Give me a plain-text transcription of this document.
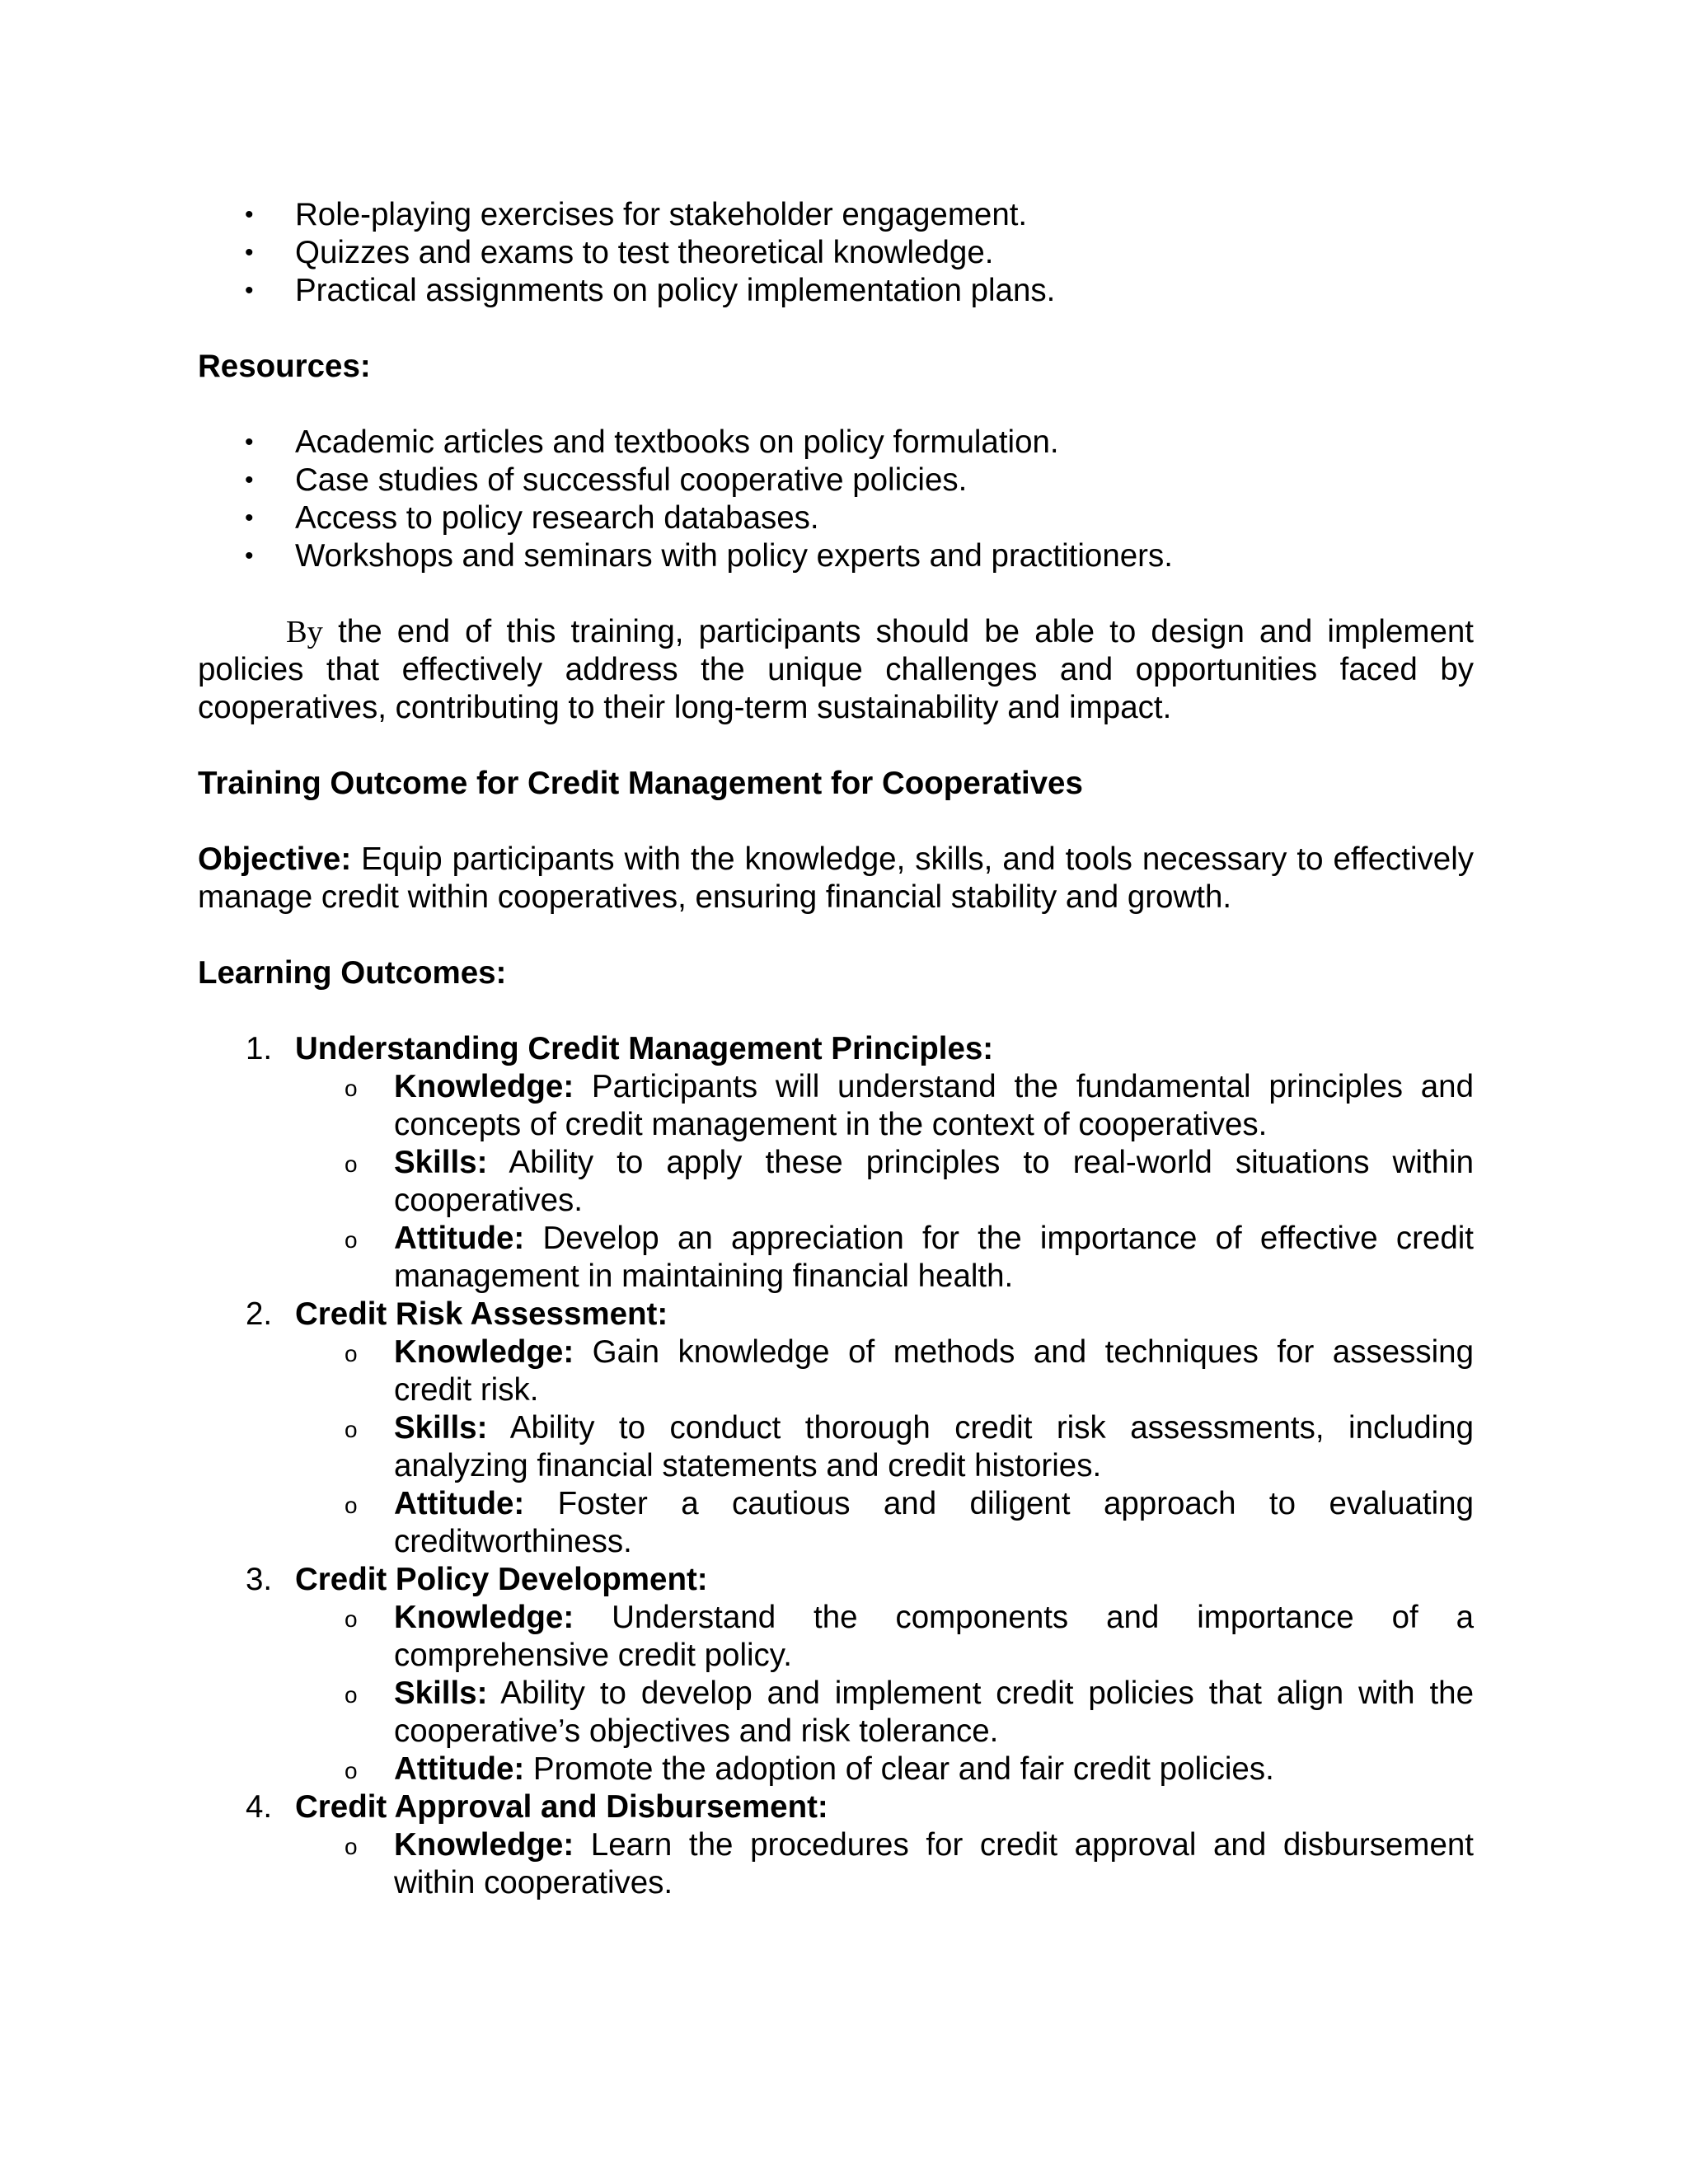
• Role-playing exercises for stakeholder engagement.
• Quizzes and exams to test theoretical knowledge.
• Practical assignments on policy implementation plans.

Resources:

• Academic articles and textbooks on policy formulation.
• Case studies of successful cooperative policies.
• Access to policy research databases.
• Workshops and seminars with policy experts and practitioners.

By the end of this training, participants should be able to design and implement policies that effectively address the unique challenges and opportunities faced by cooperatives, contributing to their long-term sustainability and impact.

Training Outcome for Credit Management for Cooperatives

Objective: Equip participants with the knowledge, skills, and tools necessary to effectively manage credit within cooperatives, ensuring financial stability and growth.

Learning Outcomes:

1. Understanding Credit Management Principles:
o Knowledge: Participants will understand the fundamental principles and concepts of credit management in the context of cooperatives.
o Skills: Ability to apply these principles to real-world situations within cooperatives.
o Attitude: Develop an appreciation for the importance of effective credit management in maintaining financial health.
2. Credit Risk Assessment:
o Knowledge: Gain knowledge of methods and techniques for assessing credit risk.
o Skills: Ability to conduct thorough credit risk assessments, including analyzing financial statements and credit histories.
o Attitude: Foster a cautious and diligent approach to evaluating creditworthiness.
3. Credit Policy Development:
o Knowledge: Understand the components and importance of a comprehensive credit policy.
o Skills: Ability to develop and implement credit policies that align with the cooperative’s objectives and risk tolerance.
o Attitude: Promote the adoption of clear and fair credit policies.
4. Credit Approval and Disbursement:
o Knowledge: Learn the procedures for credit approval and disbursement within cooperatives.
